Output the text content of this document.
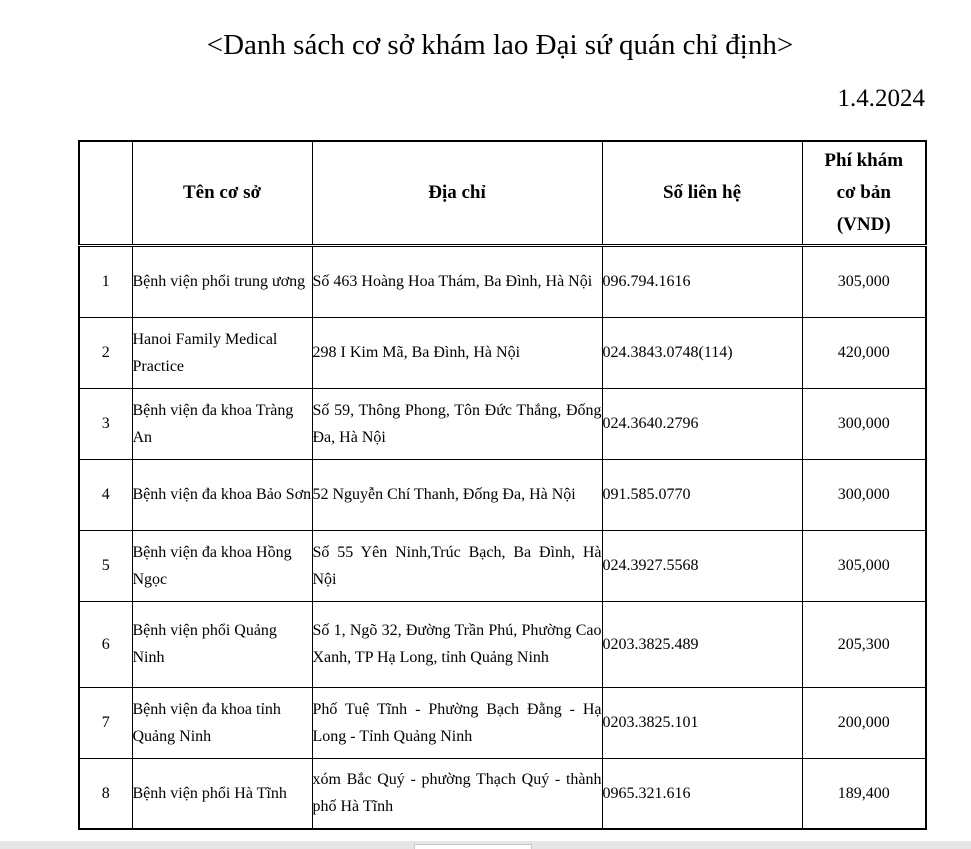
<Danh sách cơ sở khám lao Đại sứ quán chỉ định>
1.4.2024
	Tên cơ sở	Địa chỉ	Số liên hệ	Phí khám
cơ bản
(VND)
1	Bệnh viện phổi trung ương	Số 463 Hoàng Hoa Thám, Ba Đình, Hà Nội	096.794.1616	305,000
2	Hanoi Family Medical Practice	298 I Kim Mã, Ba Đình, Hà Nội	024.3843.0748(114)	420,000
3	Bệnh viện đa khoa Tràng An	Số 59, Thông Phong, Tôn Đức Thắng, Đống Đa, Hà Nội	024.3640.2796	300,000
4	Bệnh viện đa khoa Bảo Sơn	52 Nguyễn Chí Thanh, Đống Đa, Hà Nội	091.585.0770	300,000
5	Bệnh viện đa khoa Hồng Ngọc	Số 55 Yên Ninh,Trúc Bạch, Ba Đình, Hà Nội	024.3927.5568	305,000
6	Bệnh viện phổi Quảng Ninh	Số 1, Ngõ 32, Đường Trần Phú, Phường Cao Xanh, TP Hạ Long, tỉnh Quảng Ninh	0203.3825.489	205,300
7	Bệnh viện đa khoa tỉnh Quảng Ninh	Phố Tuệ Tĩnh - Phường Bạch Đằng - Hạ Long - Tỉnh Quảng Ninh	0203.3825.101	200,000
8	Bệnh viện phổi Hà Tĩnh	xóm Bắc Quý - phường Thạch Quý - thành phố Hà Tĩnh	0965.321.616	189,400
